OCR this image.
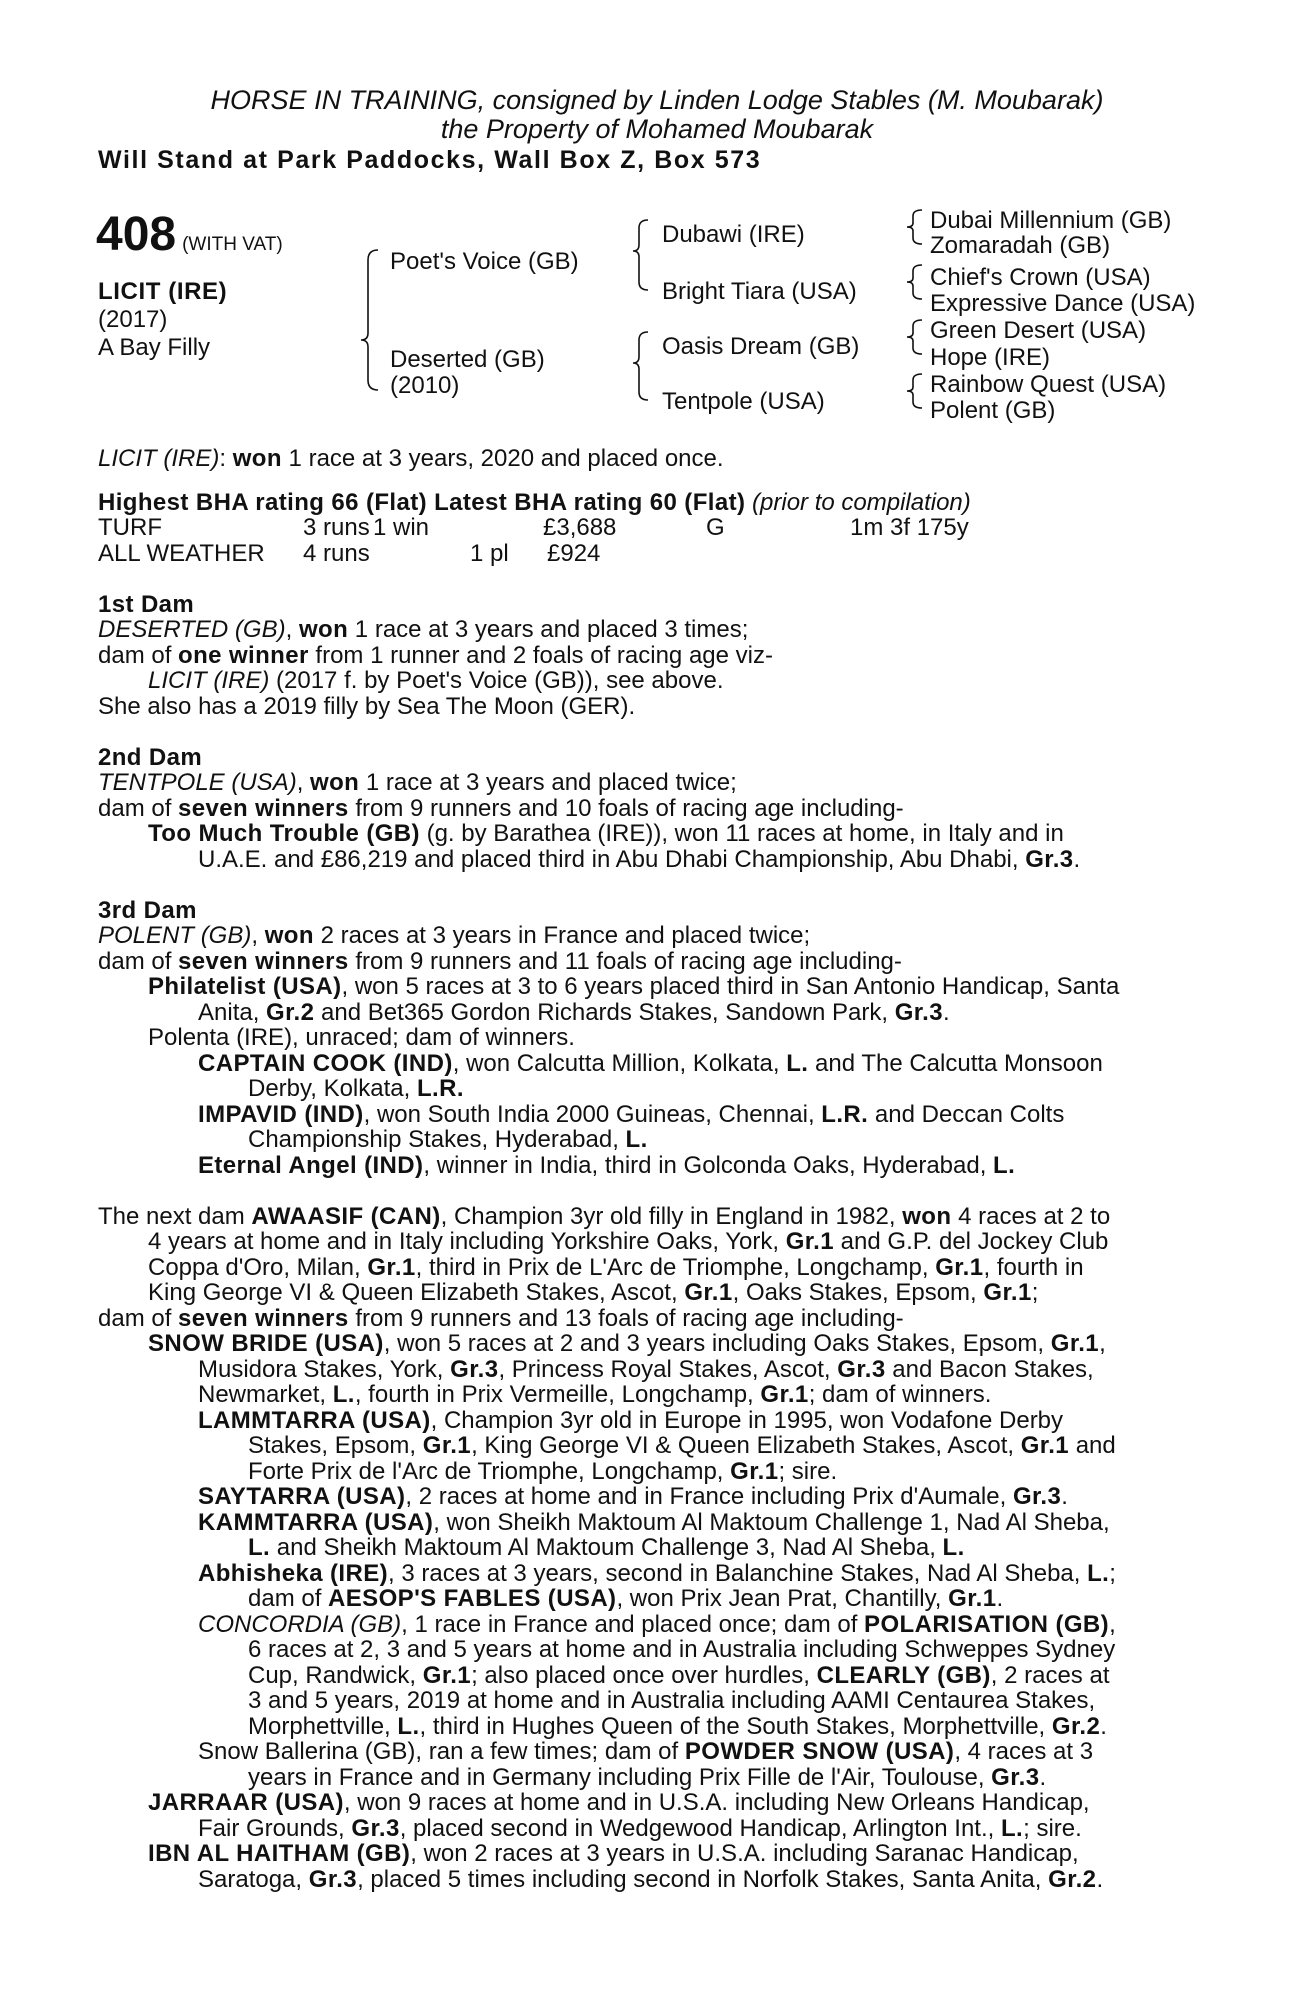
HORSE IN TRAINING, consigned by Linden Lodge Stables (M. Moubarak)
the Property of Mohamed Moubarak
Will Stand at Park Paddocks, Wall Box Z, Box 573
408 (WITH VAT)
LICIT (IRE)
(2017)
A Bay Filly
Poet's Voice (GB)
Deserted (GB)
(2010)
Dubawi (IRE)
Bright Tiara (USA)
Oasis Dream (GB)
Tentpole (USA)
Dubai Millennium (GB)
Zomaradah (GB)
Chief's Crown (USA)
Expressive Dance (USA)
Green Desert (USA)
Hope (IRE)
Rainbow Quest (USA)
Polent (GB)

LICIT (IRE): won 1 race at 3 years, 2020 and placed once.

Highest BHA rating 66 (Flat) Latest BHA rating 60 (Flat) (prior to compilation)

TURF	3 runs 1 win	£3,688	G	1m 3f 175y
ALL WEATHER 4 runs	1 pl £924

1st Dam

DESERTED (GB), won 1 race at 3 years and placed 3 times;

dam of one winner from 1 runner and 2 foals of racing age viz-

LICIT (IRE) (2017 f. by Poet's Voice (GB)), see above.

She also has a 2019 filly by Sea The Moon (GER).

2nd Dam

TENTPOLE (USA), won 1 race at 3 years and placed twice;

dam of seven winners from 9 runners and 10 foals of racing age including-

Too Much Trouble (GB) (g. by Barathea (IRE)), won 11 races at home, in Italy and in

U.A.E. and £86,219 and placed third in Abu Dhabi Championship, Abu Dhabi, Gr.3.

3rd Dam

POLENT (GB), won 2 races at 3 years in France and placed twice;

dam of seven winners from 9 runners and 11 foals of racing age including-

Philatelist (USA), won 5 races at 3 to 6 years placed third in San Antonio Handicap, Santa

Anita, Gr.2 and Bet365 Gordon Richards Stakes, Sandown Park, Gr.3.

Polenta (IRE), unraced; dam of winners.

CAPTAIN COOK (IND), won Calcutta Million, Kolkata, L. and The Calcutta Monsoon

Derby, Kolkata, L.R.

IMPAVID (IND), won South India 2000 Guineas, Chennai, L.R. and Deccan Colts

Championship Stakes, Hyderabad, L.

Eternal Angel (IND), winner in India, third in Golconda Oaks, Hyderabad, L.

The next dam AWAASIF (CAN), Champion 3yr old filly in England in 1982, won 4 races at 2 to

4 years at home and in Italy including Yorkshire Oaks, York, Gr.1 and G.P. del Jockey Club

Coppa d'Oro, Milan, Gr.1, third in Prix de L'Arc de Triomphe, Longchamp, Gr.1, fourth in

King George VI & Queen Elizabeth Stakes, Ascot, Gr.1, Oaks Stakes, Epsom, Gr.1;

dam of seven winners from 9 runners and 13 foals of racing age including-

SNOW BRIDE (USA), won 5 races at 2 and 3 years including Oaks Stakes, Epsom, Gr.1,

Musidora Stakes, York, Gr.3, Princess Royal Stakes, Ascot, Gr.3 and Bacon Stakes,

Newmarket, L., fourth in Prix Vermeille, Longchamp, Gr.1; dam of winners.

LAMMTARRA (USA), Champion 3yr old in Europe in 1995, won Vodafone Derby

Stakes, Epsom, Gr.1, King George VI & Queen Elizabeth Stakes, Ascot, Gr.1 and

Forte Prix de l'Arc de Triomphe, Longchamp, Gr.1; sire.

SAYTARRA (USA), 2 races at home and in France including Prix d'Aumale, Gr.3.

KAMMTARRA (USA), won Sheikh Maktoum Al Maktoum Challenge 1, Nad Al Sheba,

L. and Sheikh Maktoum Al Maktoum Challenge 3, Nad Al Sheba, L.

Abhisheka (IRE), 3 races at 3 years, second in Balanchine Stakes, Nad Al Sheba, L.;

dam of AESOP'S FABLES (USA), won Prix Jean Prat, Chantilly, Gr.1.

CONCORDIA (GB), 1 race in France and placed once; dam of POLARISATION (GB),

6 races at 2, 3 and 5 years at home and in Australia including Schweppes Sydney

Cup, Randwick, Gr.1; also placed once over hurdles, CLEARLY (GB), 2 races at

3 and 5 years, 2019 at home and in Australia including AAMI Centaurea Stakes,

Morphettville, L., third in Hughes Queen of the South Stakes, Morphettville, Gr.2.

Snow Ballerina (GB), ran a few times; dam of POWDER SNOW (USA), 4 races at 3

years in France and in Germany including Prix Fille de l'Air, Toulouse, Gr.3.

JARRAAR (USA), won 9 races at home and in U.S.A. including New Orleans Handicap,

Fair Grounds, Gr.3, placed second in Wedgewood Handicap, Arlington Int., L.; sire.

IBN AL HAITHAM (GB), won 2 races at 3 years in U.S.A. including Saranac Handicap,

Saratoga, Gr.3, placed 5 times including second in Norfolk Stakes, Santa Anita, Gr.2.
